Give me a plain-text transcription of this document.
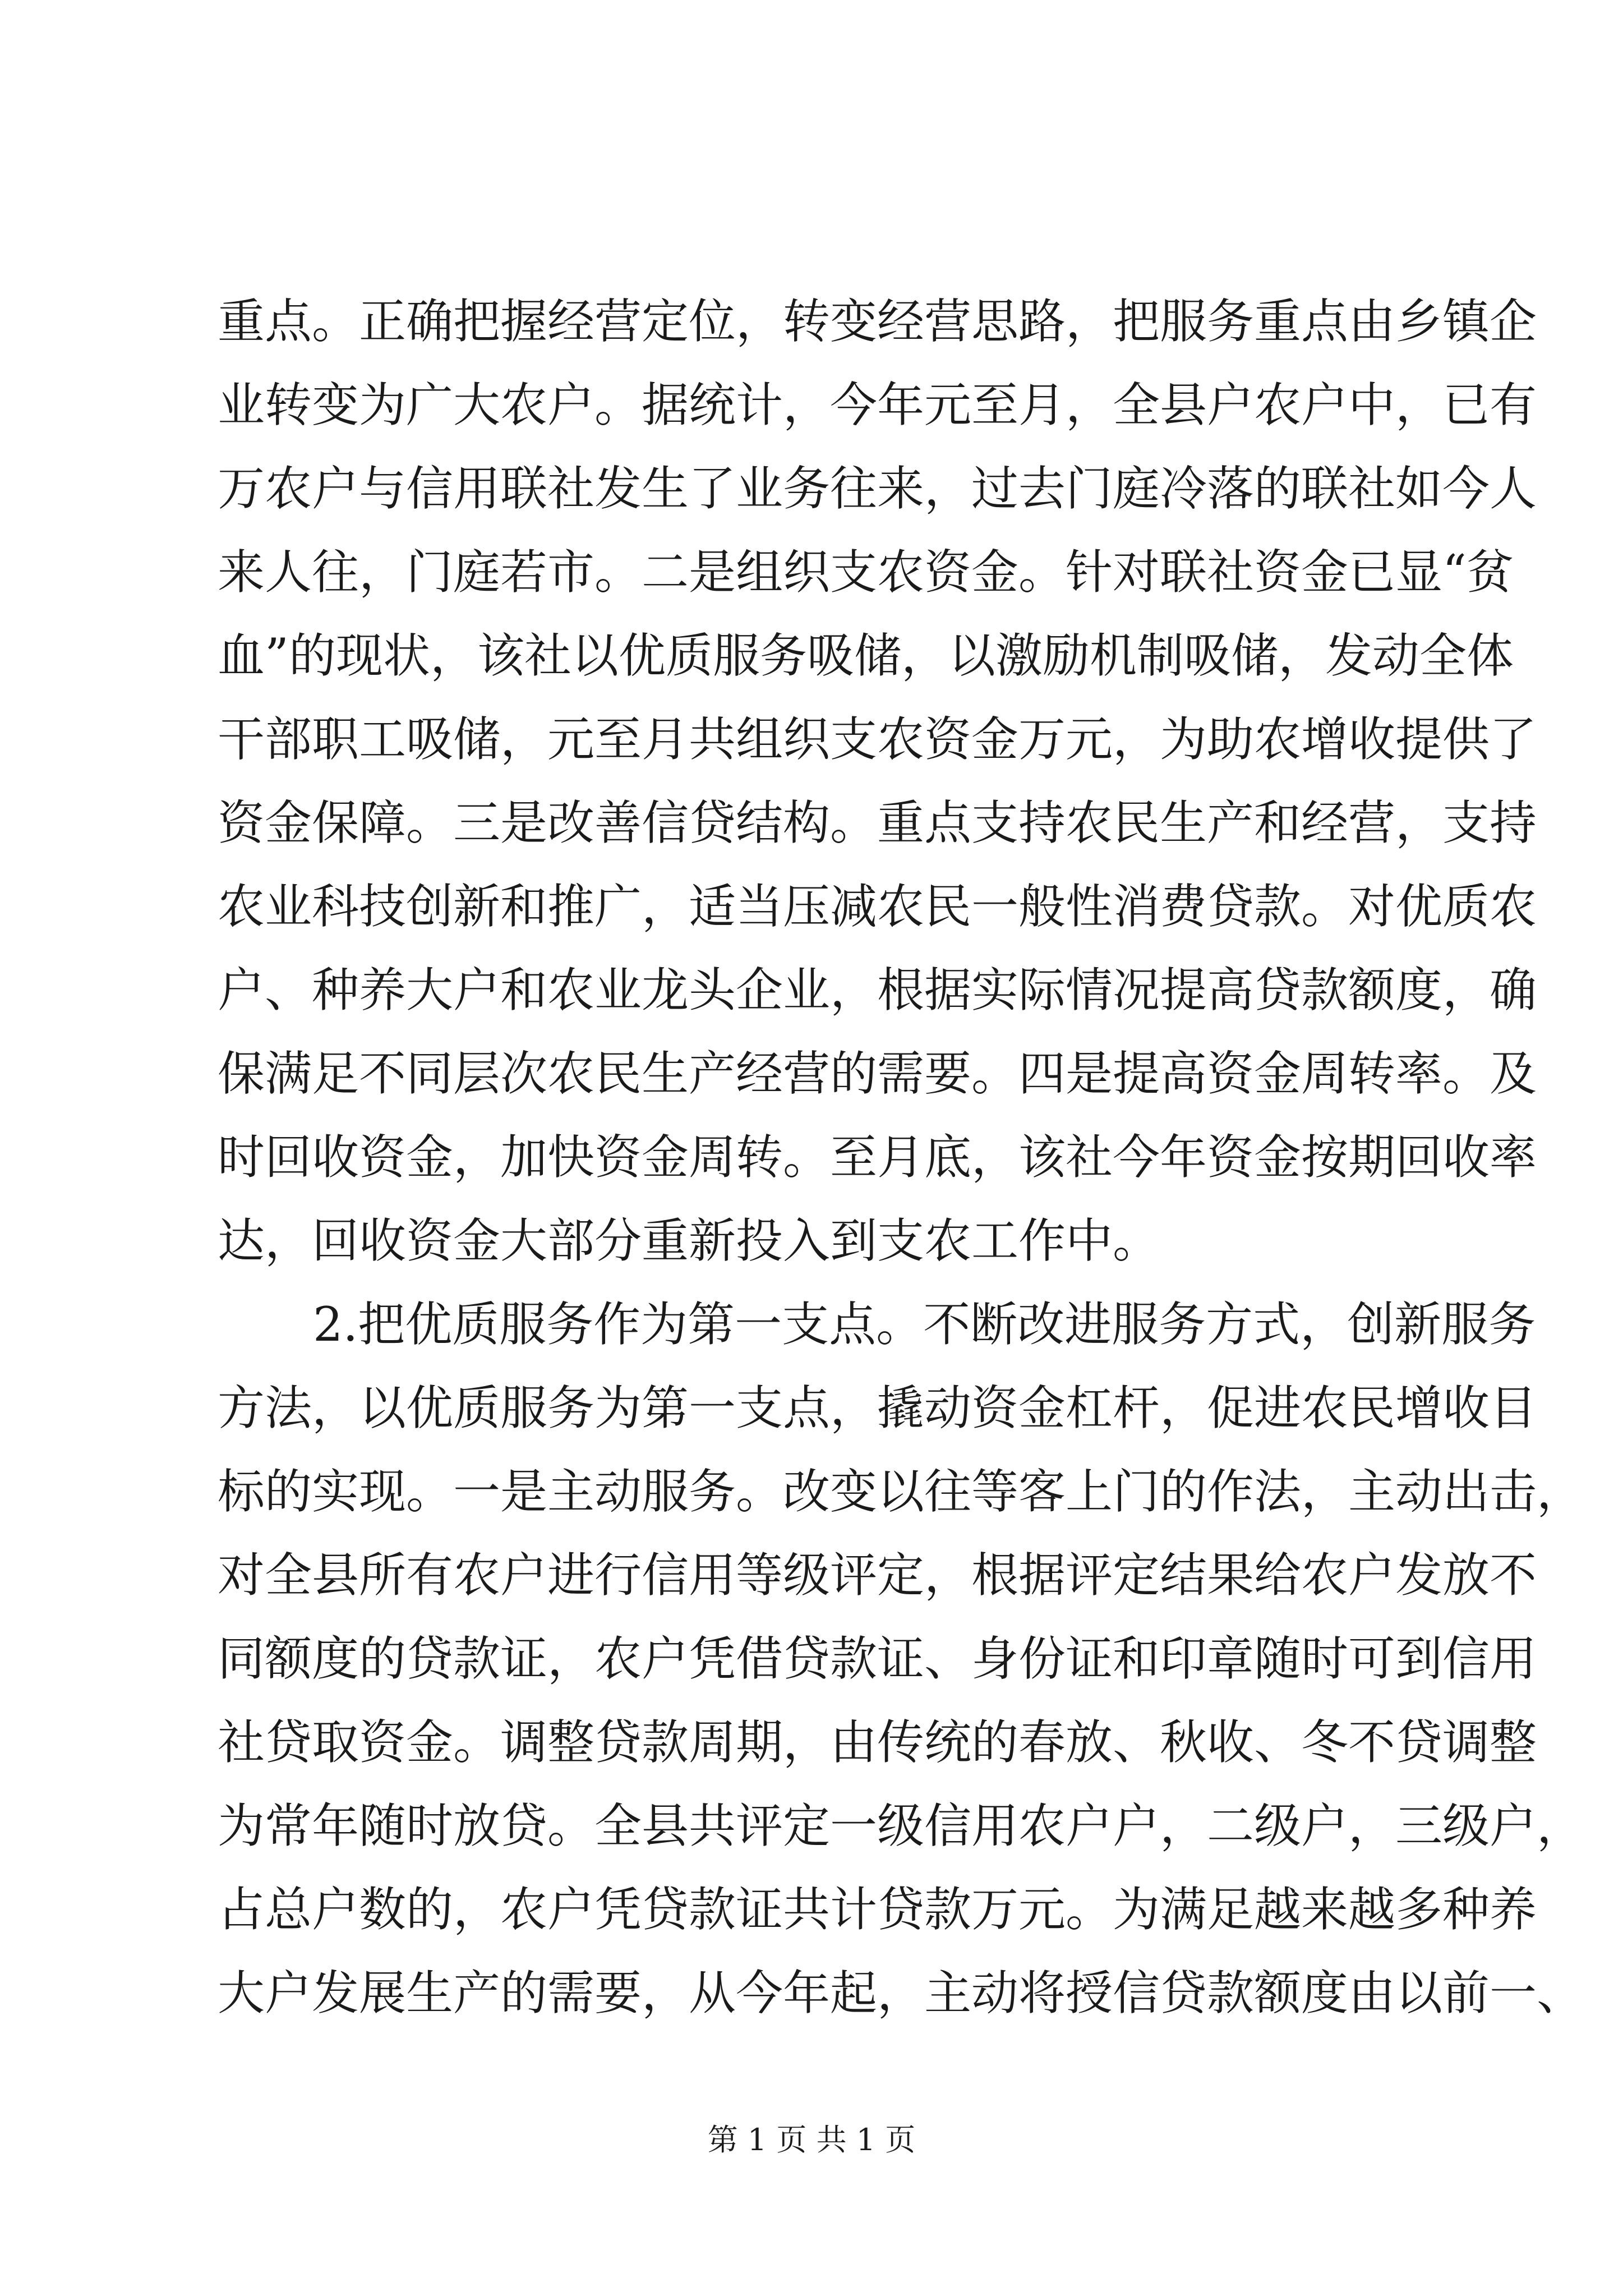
重点。正确把握经营定位，转变经营思路，把服务重点由乡镇企
业转变为广大农户。据统计，今年元至月，全县户农户中，已有
万农户与信用联社发生了业务往来，过去门庭冷落的联社如今人
来人往，门庭若市。二是组织支农资金。针对联社资金已显“贫
血”的现状，该社以优质服务吸储，以激励机制吸储，发动全体
干部职工吸储，元至月共组织支农资金万元，为助农增收提供了
资金保障。三是改善信贷结构。重点支持农民生产和经营，支持
农业科技创新和推广，适当压减农民一般性消费贷款。对优质农
户、种养大户和农业龙头企业，根据实际情况提高贷款额度，确
保满足不同层次农民生产经营的需要。四是提高资金周转率。及
时回收资金，加快资金周转。至月底，该社今年资金按期回收率
达，回收资金大部分重新投入到支农工作中。
2.把优质服务作为第一支点。不断改进服务方式，创新服务
方法，以优质服务为第一支点，撬动资金杠杆，促进农民增收目
标的实现。一是主动服务。改变以往等客上门的作法，主动出击，
对全县所有农户进行信用等级评定，根据评定结果给农户发放不
同额度的贷款证，农户凭借贷款证、身份证和印章随时可到信用
社贷取资金。调整贷款周期，由传统的春放、秋收、冬不贷调整
为常年随时放贷。全县共评定一级信用农户户，二级户，三级户，
占总户数的，农户凭贷款证共计贷款万元。为满足越来越多种养
大户发展生产的需要，从今年起，主动将授信贷款额度由以前一、
第 1 页 共 1 页
